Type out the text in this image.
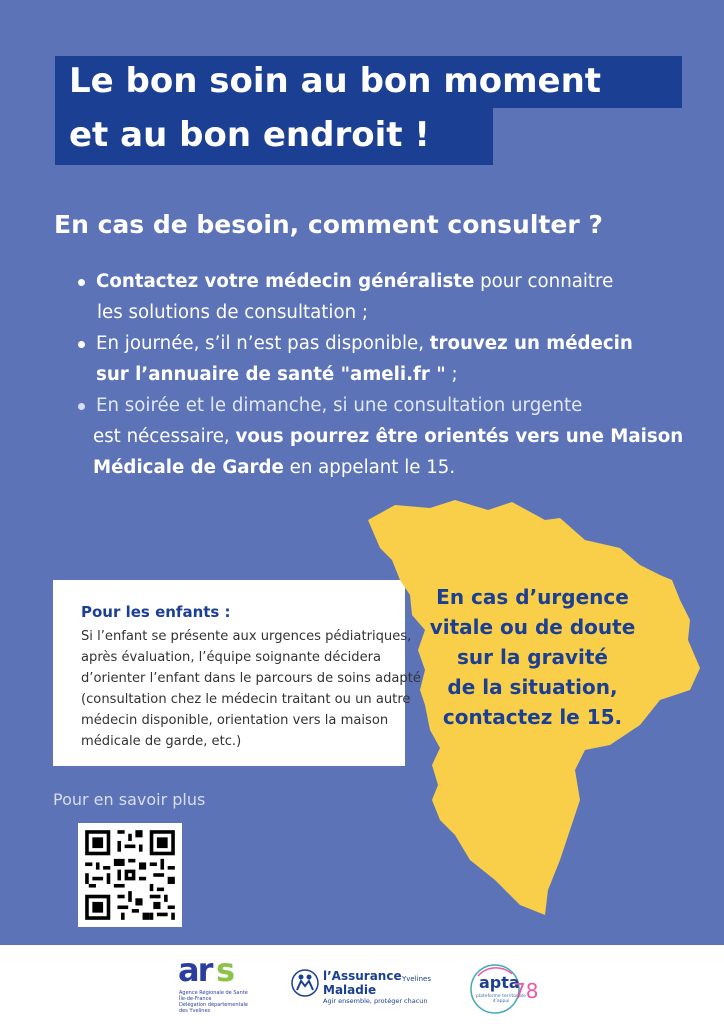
Le bon soin au bon moment
et au bon endroit !
En cas de besoin, comment consulter ?
Contactez votre médecin généraliste pour connaitre
les solutions de consultation ;
En journée, s’il n’est pas disponible, trouvez un médecin
sur l’annuaire de santé "ameli.fr " ;
En soirée et le dimanche, si une consultation urgente
est nécessaire, vous pourrez être orientés vers une Maison
Médicale de Garde en appelant le 15.
Pour les enfants :
Si l’enfant se présente aux urgences pédiatriques,
après évaluation, l’équipe soignante décidera
d’orienter l’enfant dans le parcours de soins adapté
(consultation chez le médecin traitant ou un autre
médecin disponible, orientation vers la maison
médicale de garde, etc.)
En cas d’urgence
vitale ou de doute
sur la gravité
de la situation,
contactez le 15.
Pour en savoir plus
ar s
Agence Régionale de Santé
Île-de-France
Délégation départementale
des Yvelines
l’Assurance
Maladie
Agir ensemble, protéger chacun
Yvelines	apta
78
plateforme territoriale d’appui
